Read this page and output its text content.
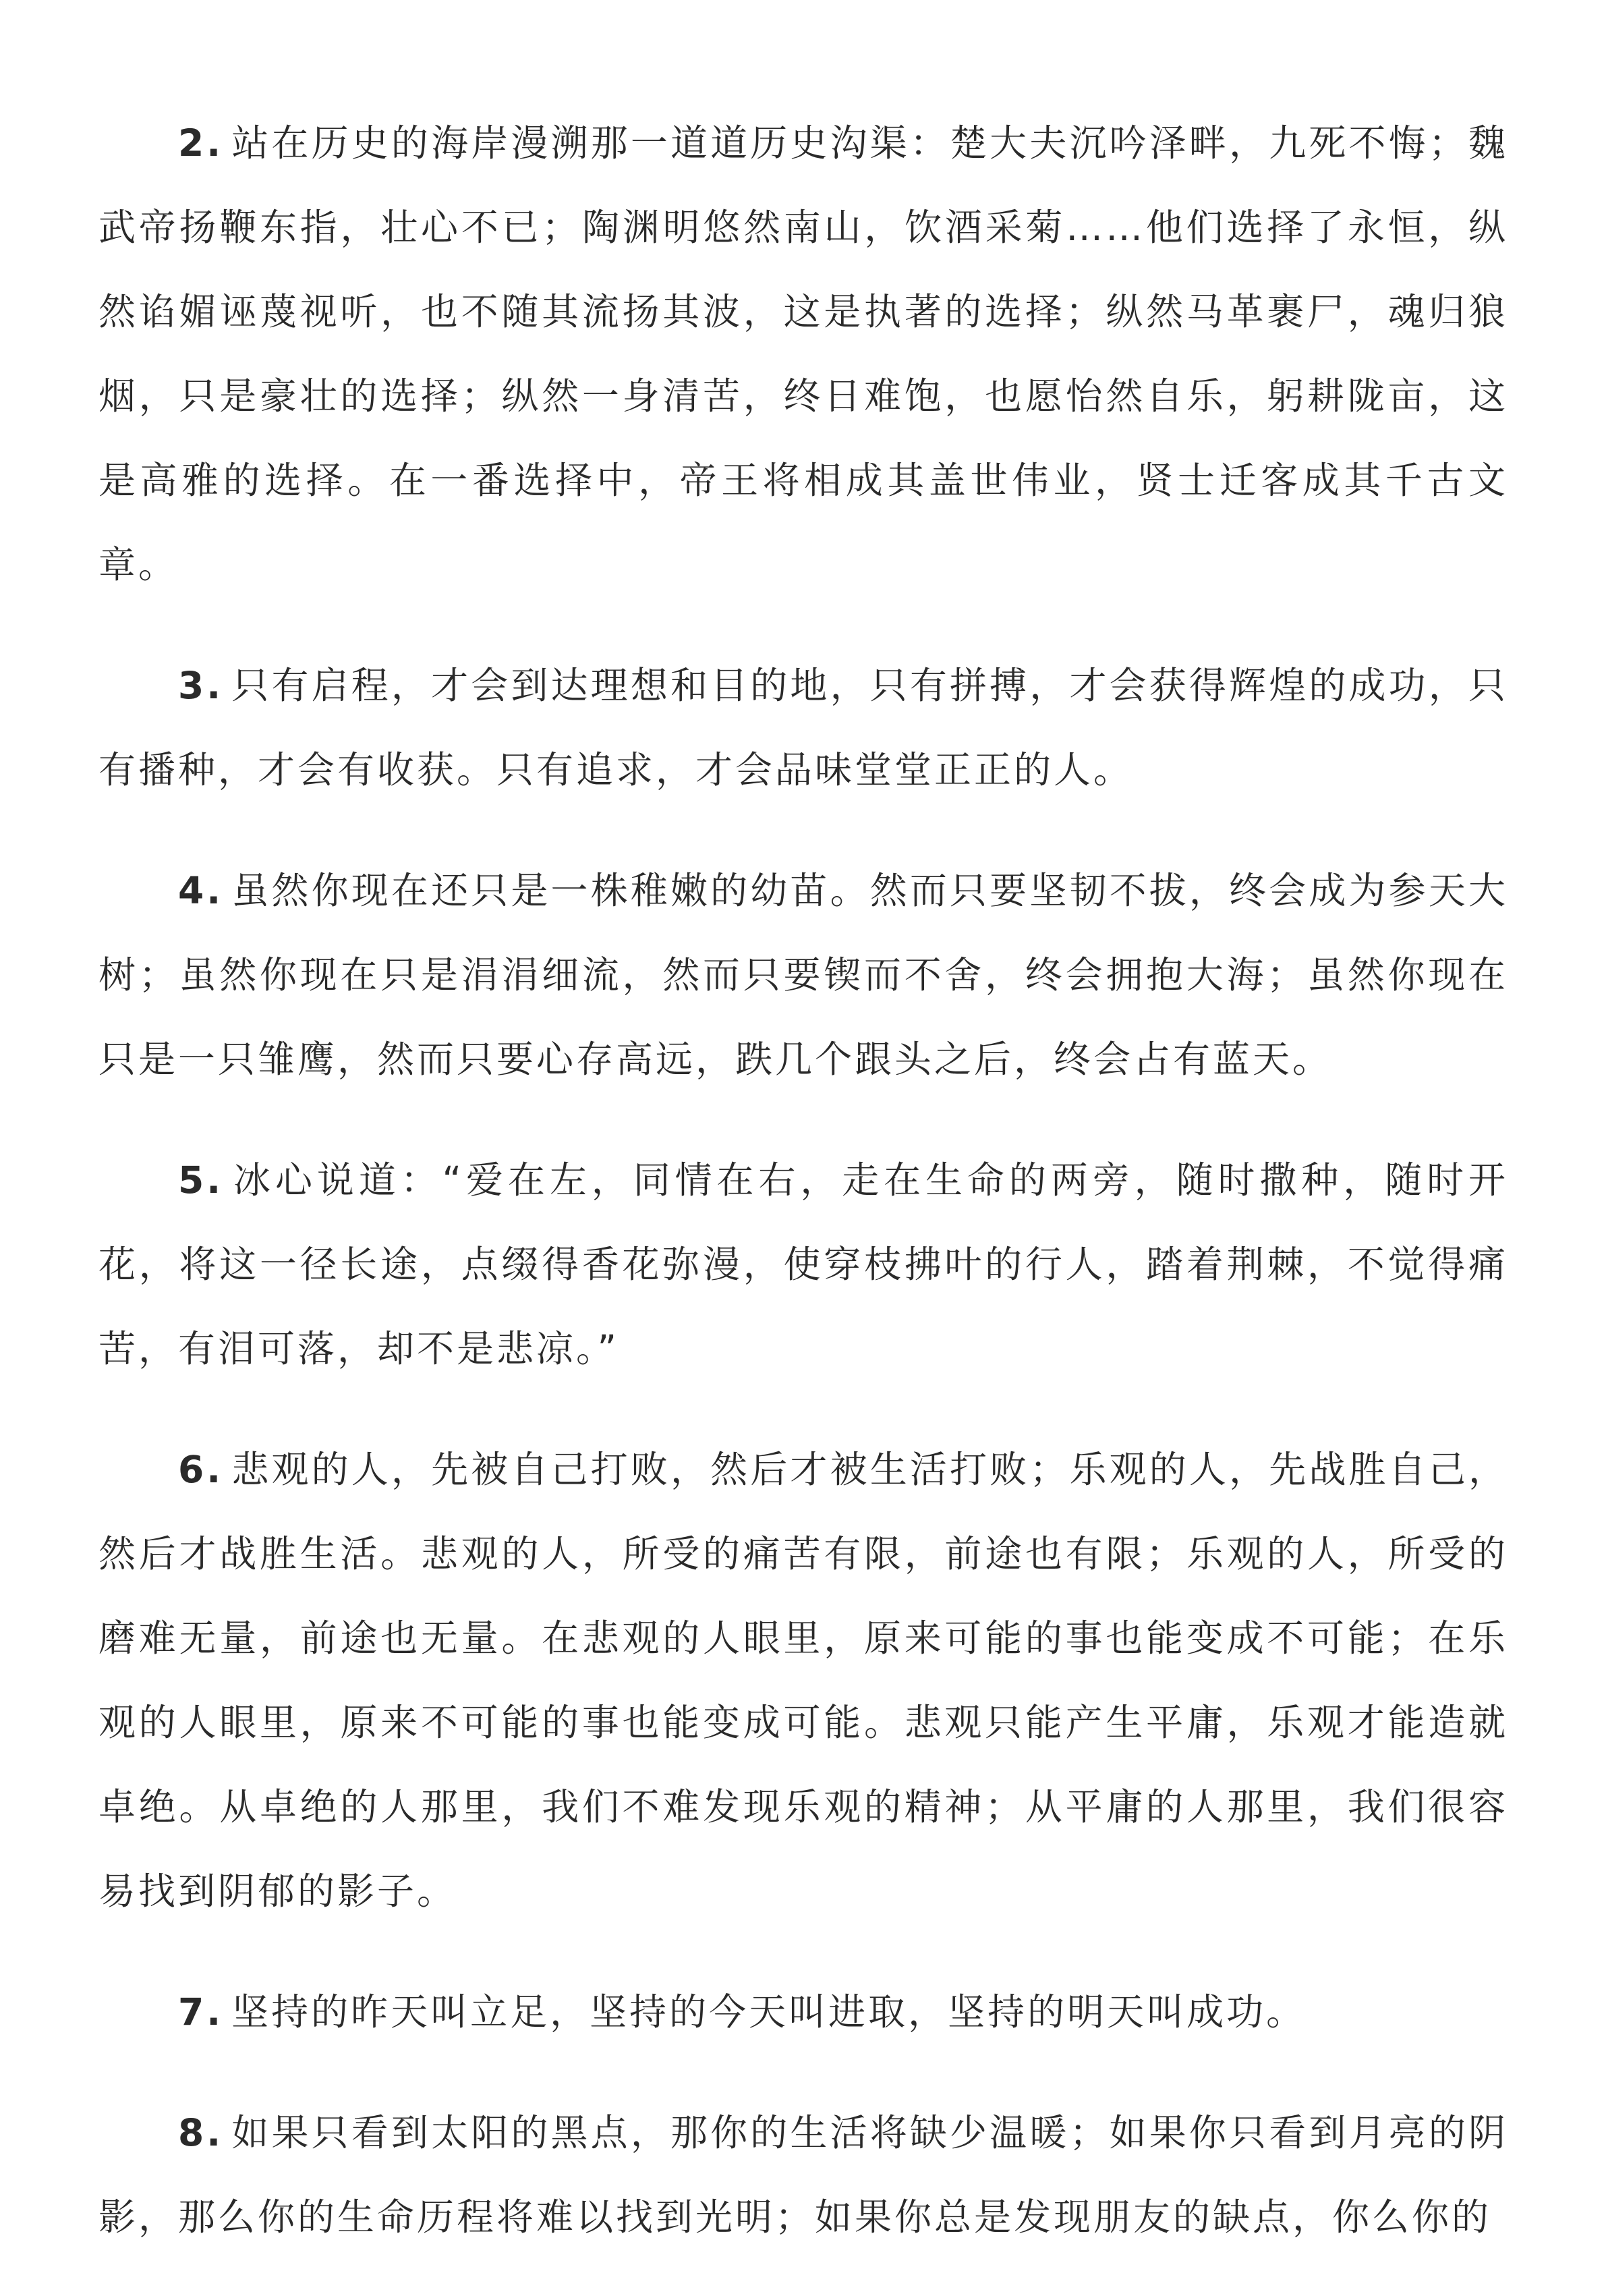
2. 站在历史的海岸漫溯那一道道历史沟渠：楚大夫沉吟泽畔，九死不悔；魏武帝扬鞭东指，壮心不已；陶渊明悠然南山，饮酒采菊……他们选择了永恒，纵然谄媚诬蔑视听，也不随其流扬其波，这是执著的选择；纵然马革裹尸，魂归狼烟，只是豪壮的选择；纵然一身清苦，终日难饱，也愿怡然自乐，躬耕陇亩，这是高雅的选择。在一番选择中，帝王将相成其盖世伟业，贤士迁客成其千古文章。

3. 只有启程，才会到达理想和目的地，只有拼搏，才会获得辉煌的成功，只有播种，才会有收获。只有追求，才会品味堂堂正正的人。

4. 虽然你现在还只是一株稚嫩的幼苗。然而只要坚韧不拔，终会成为参天大树；虽然你现在只是涓涓细流，然而只要锲而不舍，终会拥抱大海；虽然你现在只是一只雏鹰，然而只要心存高远，跌几个跟头之后，终会占有蓝天。

5. 冰心说道：“爱在左，同情在右，走在生命的两旁，随时撒种，随时开花，将这一径长途，点缀得香花弥漫，使穿枝拂叶的行人，踏着荆棘，不觉得痛苦，有泪可落，却不是悲凉。”

6. 悲观的人，先被自己打败，然后才被生活打败；乐观的人，先战胜自己，然后才战胜生活。悲观的人，所受的痛苦有限，前途也有限；乐观的人，所受的磨难无量，前途也无量。在悲观的人眼里，原来可能的事也能变成不可能；在乐观的人眼里，原来不可能的事也能变成可能。悲观只能产生平庸，乐观才能造就卓绝。从卓绝的人那里，我们不难发现乐观的精神；从平庸的人那里，我们很容易找到阴郁的影子。

7. 坚持的昨天叫立足，坚持的今天叫进取，坚持的明天叫成功。

8. 如果只看到太阳的黑点，那你的生活将缺少温暖；如果你只看到月亮的阴影，那么你的生命历程将难以找到光明；如果你总是发现朋友的缺点，你么你的
